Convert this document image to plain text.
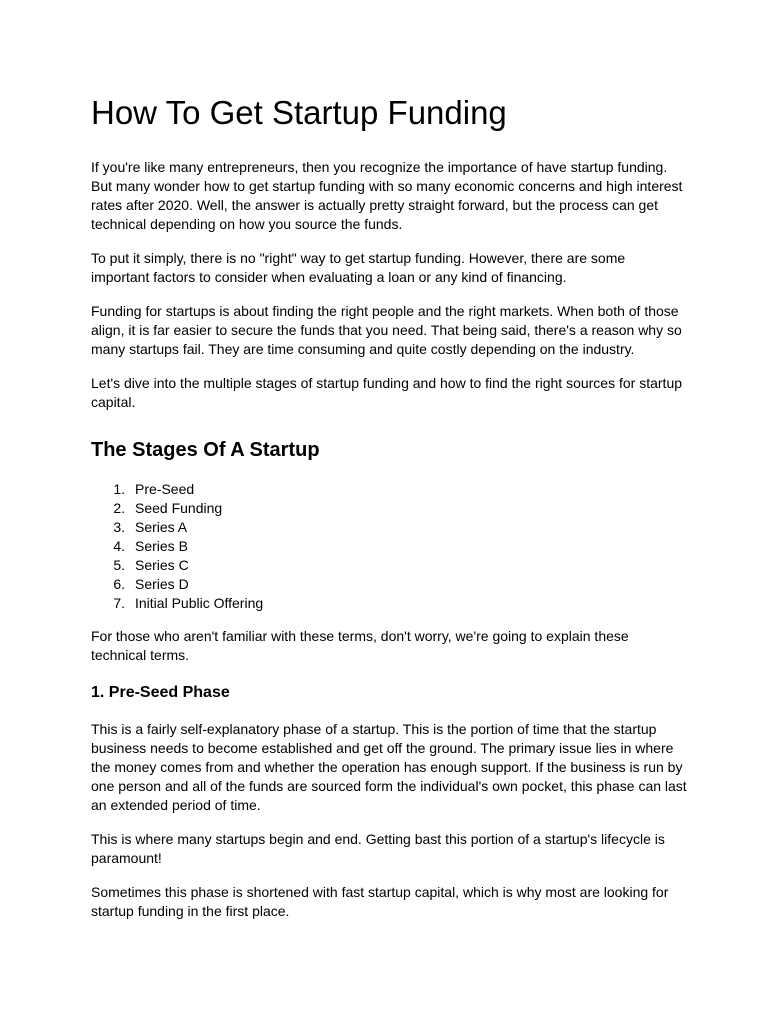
How To Get Startup Funding

If you're like many entrepreneurs, then you recognize the importance of have startup funding. But many wonder how to get startup funding with so many economic concerns and high interest rates after 2020. Well, the answer is actually pretty straight forward, but the process can get technical depending on how you source the funds.

To put it simply, there is no "right" way to get startup funding. However, there are some important factors to consider when evaluating a loan or any kind of financing.

Funding for startups is about finding the right people and the right markets. When both of those align, it is far easier to secure the funds that you need. That being said, there's a reason why so many startups fail. They are time consuming and quite costly depending on the industry.

Let's dive into the multiple stages of startup funding and how to find the right sources for startup capital.

The Stages Of A Startup
1. Pre-Seed
2. Seed Funding
3. Series A
4. Series B
5. Series C
6. Series D
7. Initial Public Offering

For those who aren't familiar with these terms, don't worry, we're going to explain these technical terms.

1. Pre-Seed Phase

This is a fairly self-explanatory phase of a startup. This is the portion of time that the startup business needs to become established and get off the ground. The primary issue lies in where the money comes from and whether the operation has enough support. If the business is run by one person and all of the funds are sourced form the individual's own pocket, this phase can last an extended period of time.

This is where many startups begin and end. Getting bast this portion of a startup's lifecycle is paramount!

Sometimes this phase is shortened with fast startup capital, which is why most are looking for startup funding in the first place.
